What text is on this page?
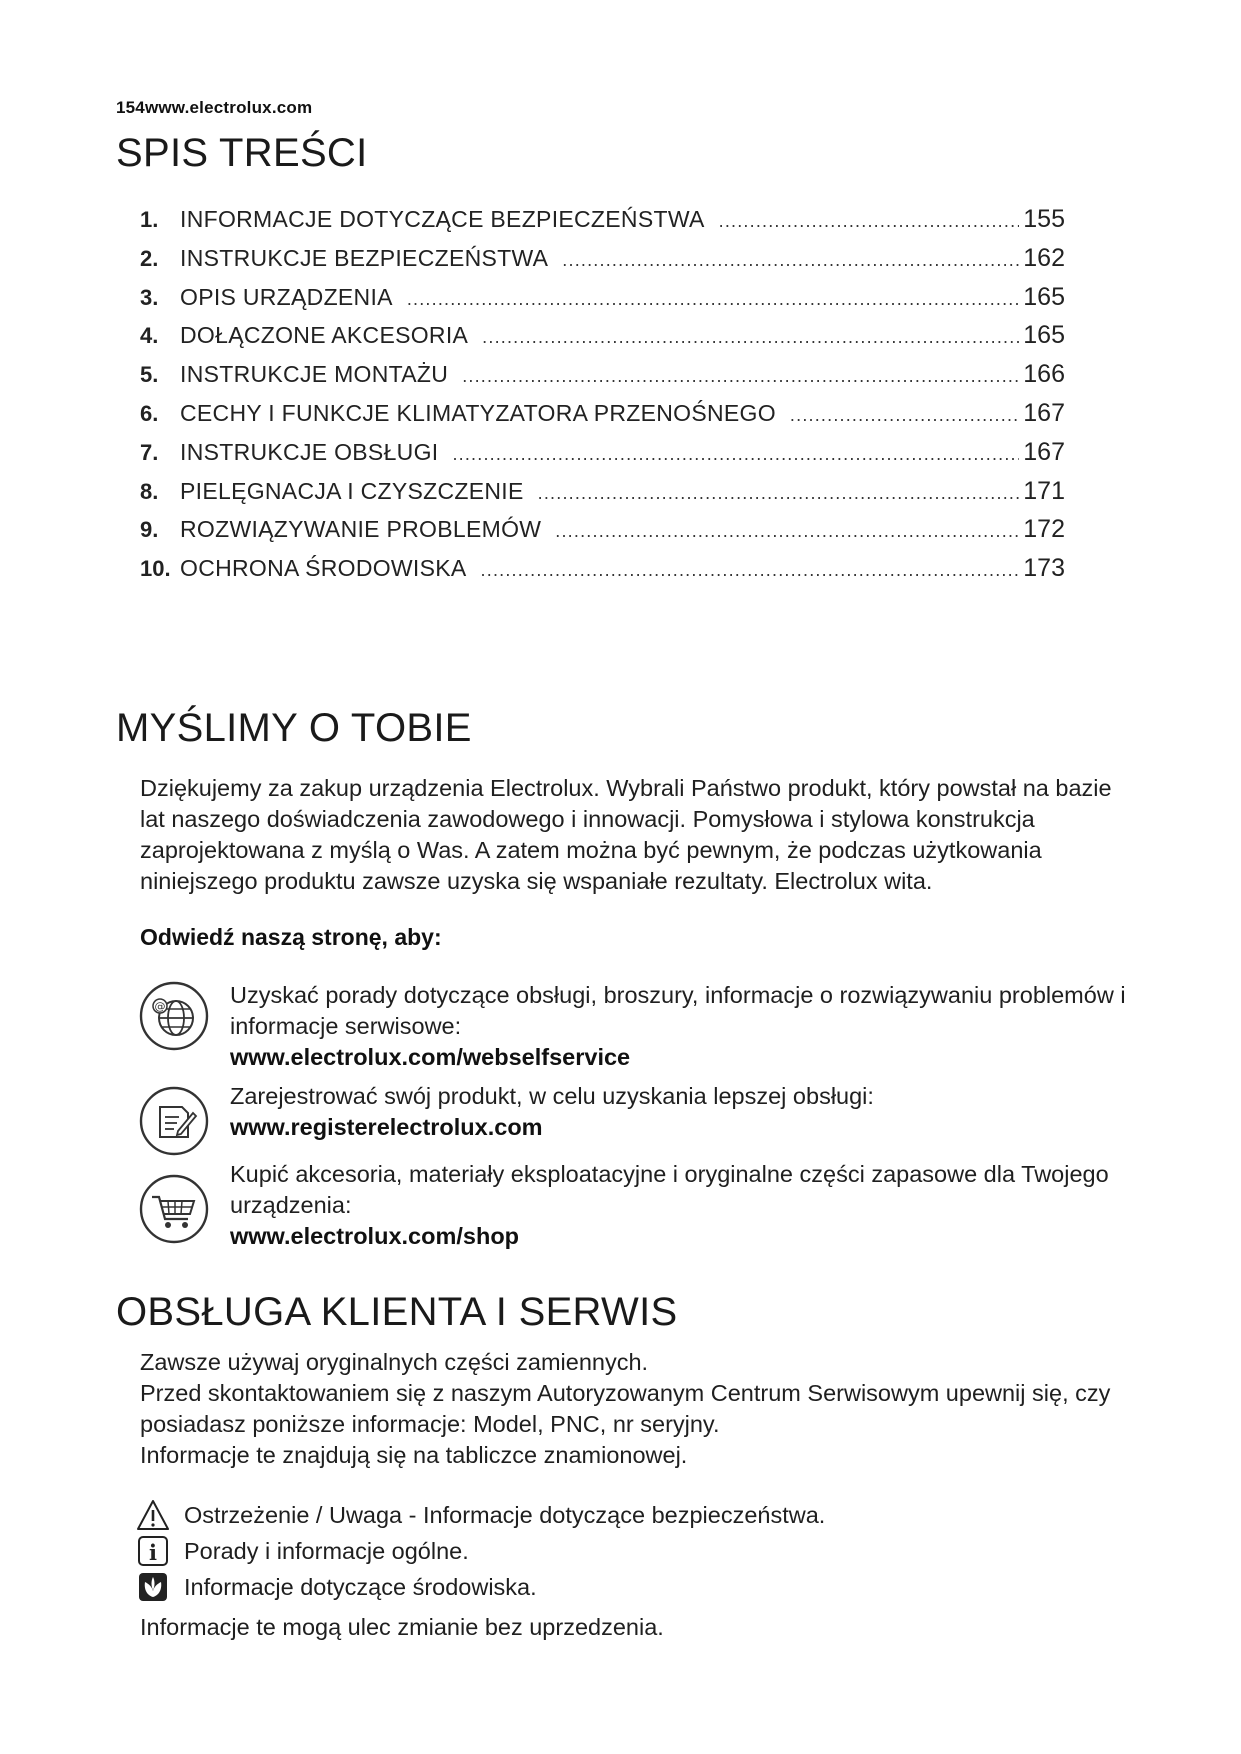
154www.electrolux.com
SPIS TREŚCI
1. INFORMACJE DOTYCZĄCE BEZPIECZEŃSTWA .....	155
2. INSTRUKCJE BEZPIECZEŃSTWA .....	162
3. OPIS URZĄDZENIA .....	165
4. DOŁĄCZONE AKCESORIA .....	165
5. INSTRUKCJE MONTAŻU .....	166
6. CECHY I FUNKCJE KLIMATYZATORA PRZENOŚNEGO .....	167
7. INSTRUKCJE OBSŁUGI .....	167
8. PIELĘGNACJA I CZYSZCZENIE .....	171
9. ROZWIĄZYWANIE PROBLEMÓW .....	172
10. OCHRONA ŚRODOWISKA .....	173
MYŚLIMY O TOBIE

Dziękujemy za zakup urządzenia Electrolux. Wybrali Państwo produkt, który powstał na bazie lat naszego doświadczenia zawodowego i innowacji. Pomysłowa i stylowa konstrukcja zaprojektowana z myślą o Was. A zatem można być pewnym, że podczas użytkowania niniejszego produktu zawsze uzyska się wspaniałe rezultaty. Electrolux wita.

Odwiedź naszą stronę, aby:
@	Uzyskać porady dotyczące obsługi, broszury, informacje o rozwiązywaniu problemów i informacje serwisowe:
www.electrolux.com/webselfservice
Zarejestrować swój produkt, w celu uzyskania lepszej obsługi:
www.registerelectrolux.com
Kupić akcesoria, materiały eksploatacyjne i oryginalne części zapasowe dla Twojego urządzenia:
www.electrolux.com/shop
OBSŁUGA KLIENTA I SERWIS
Zawsze używaj oryginalnych części zamiennych.
Przed skontaktowaniem się z naszym Autoryzowanym Centrum Serwisowym upewnij się, czy posiadasz poniższe informacje: Model, PNC, nr seryjny.
Informacje te znajdują się na tabliczce znamionowej.
Ostrzeżenie / Uwaga - Informacje dotyczące bezpieczeństwa.
i Porady i informacje ogólne.
Informacje dotyczące środowiska.
Informacje te mogą ulec zmianie bez uprzedzenia.
